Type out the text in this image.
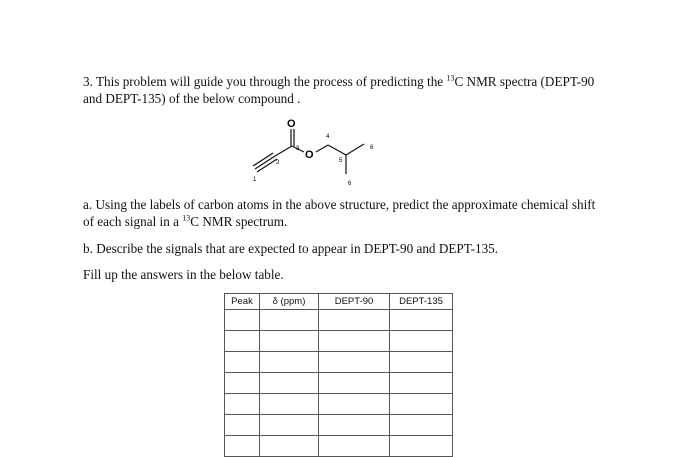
3. This problem will guide you through the process of predicting the $^{13}$C NMR spectra (DEPT-90
and DEPT-135) of the below compound .
O
O
1
2
3
4
5
6
6
a. Using the labels of carbon atoms in the above structure, predict the approximate chemical shift
of each signal in a $^{13}$C NMR spectrum.
b. Describe the signals that are expected to appear in DEPT-90 and DEPT-135.
Fill up the answers in the below table.
Peak	δ (ppm)	DEPT-90	DEPT-135
